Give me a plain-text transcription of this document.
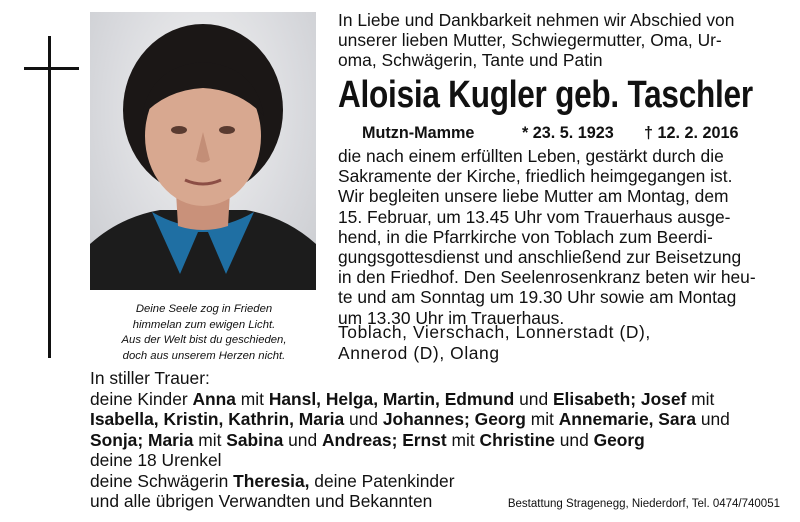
Deine Seele zog in Frieden
himmelan zum ewigen Licht.
Aus der Welt bist du geschieden,
doch aus unserem Herzen nicht.
In Liebe und Dankbarkeit nehmen wir Abschied von
unserer lieben Mutter, Schwiegermutter, Oma, Ur-
oma, Schwägerin, Tante und Patin
Aloisia Kugler geb. Taschler
Mutzn-Mamme	* 23. 5. 1923 † 12. 2. 2016
die nach einem erfüllten Leben, gestärkt durch die
Sakramente der Kirche, friedlich heimgegangen ist.
Wir begleiten unsere liebe Mutter am Montag, dem
15. Februar, um 13.45 Uhr vom Trauerhaus ausge-
hend, in die Pfarrkirche von Toblach zum Beerdi-
gungsgottesdienst und anschließend zur Beisetzung
in den Friedhof. Den Seelenrosenkranz beten wir heu-
te und am Sonntag um 19.30 Uhr sowie am Montag
um 13.30 Uhr im Trauerhaus.
Toblach, Vierschach, Lonnerstadt (D),
Annerod (D), Olang
In stiller Trauer:
deine Kinder Anna mit Hansl, Helga, Martin, Edmund und Elisabeth; Josef mit
Isabella, Kristin, Kathrin, Maria und Johannes; Georg mit Annemarie, Sara und
Sonja; Maria mit Sabina und Andreas; Ernst mit Christine und Georg
deine 18 Urenkel
deine Schwägerin Theresia, deine Patenkinder
und alle übrigen Verwandten und Bekannten	Bestattung Stragenegg, Niederdorf, Tel. 0474/740051
